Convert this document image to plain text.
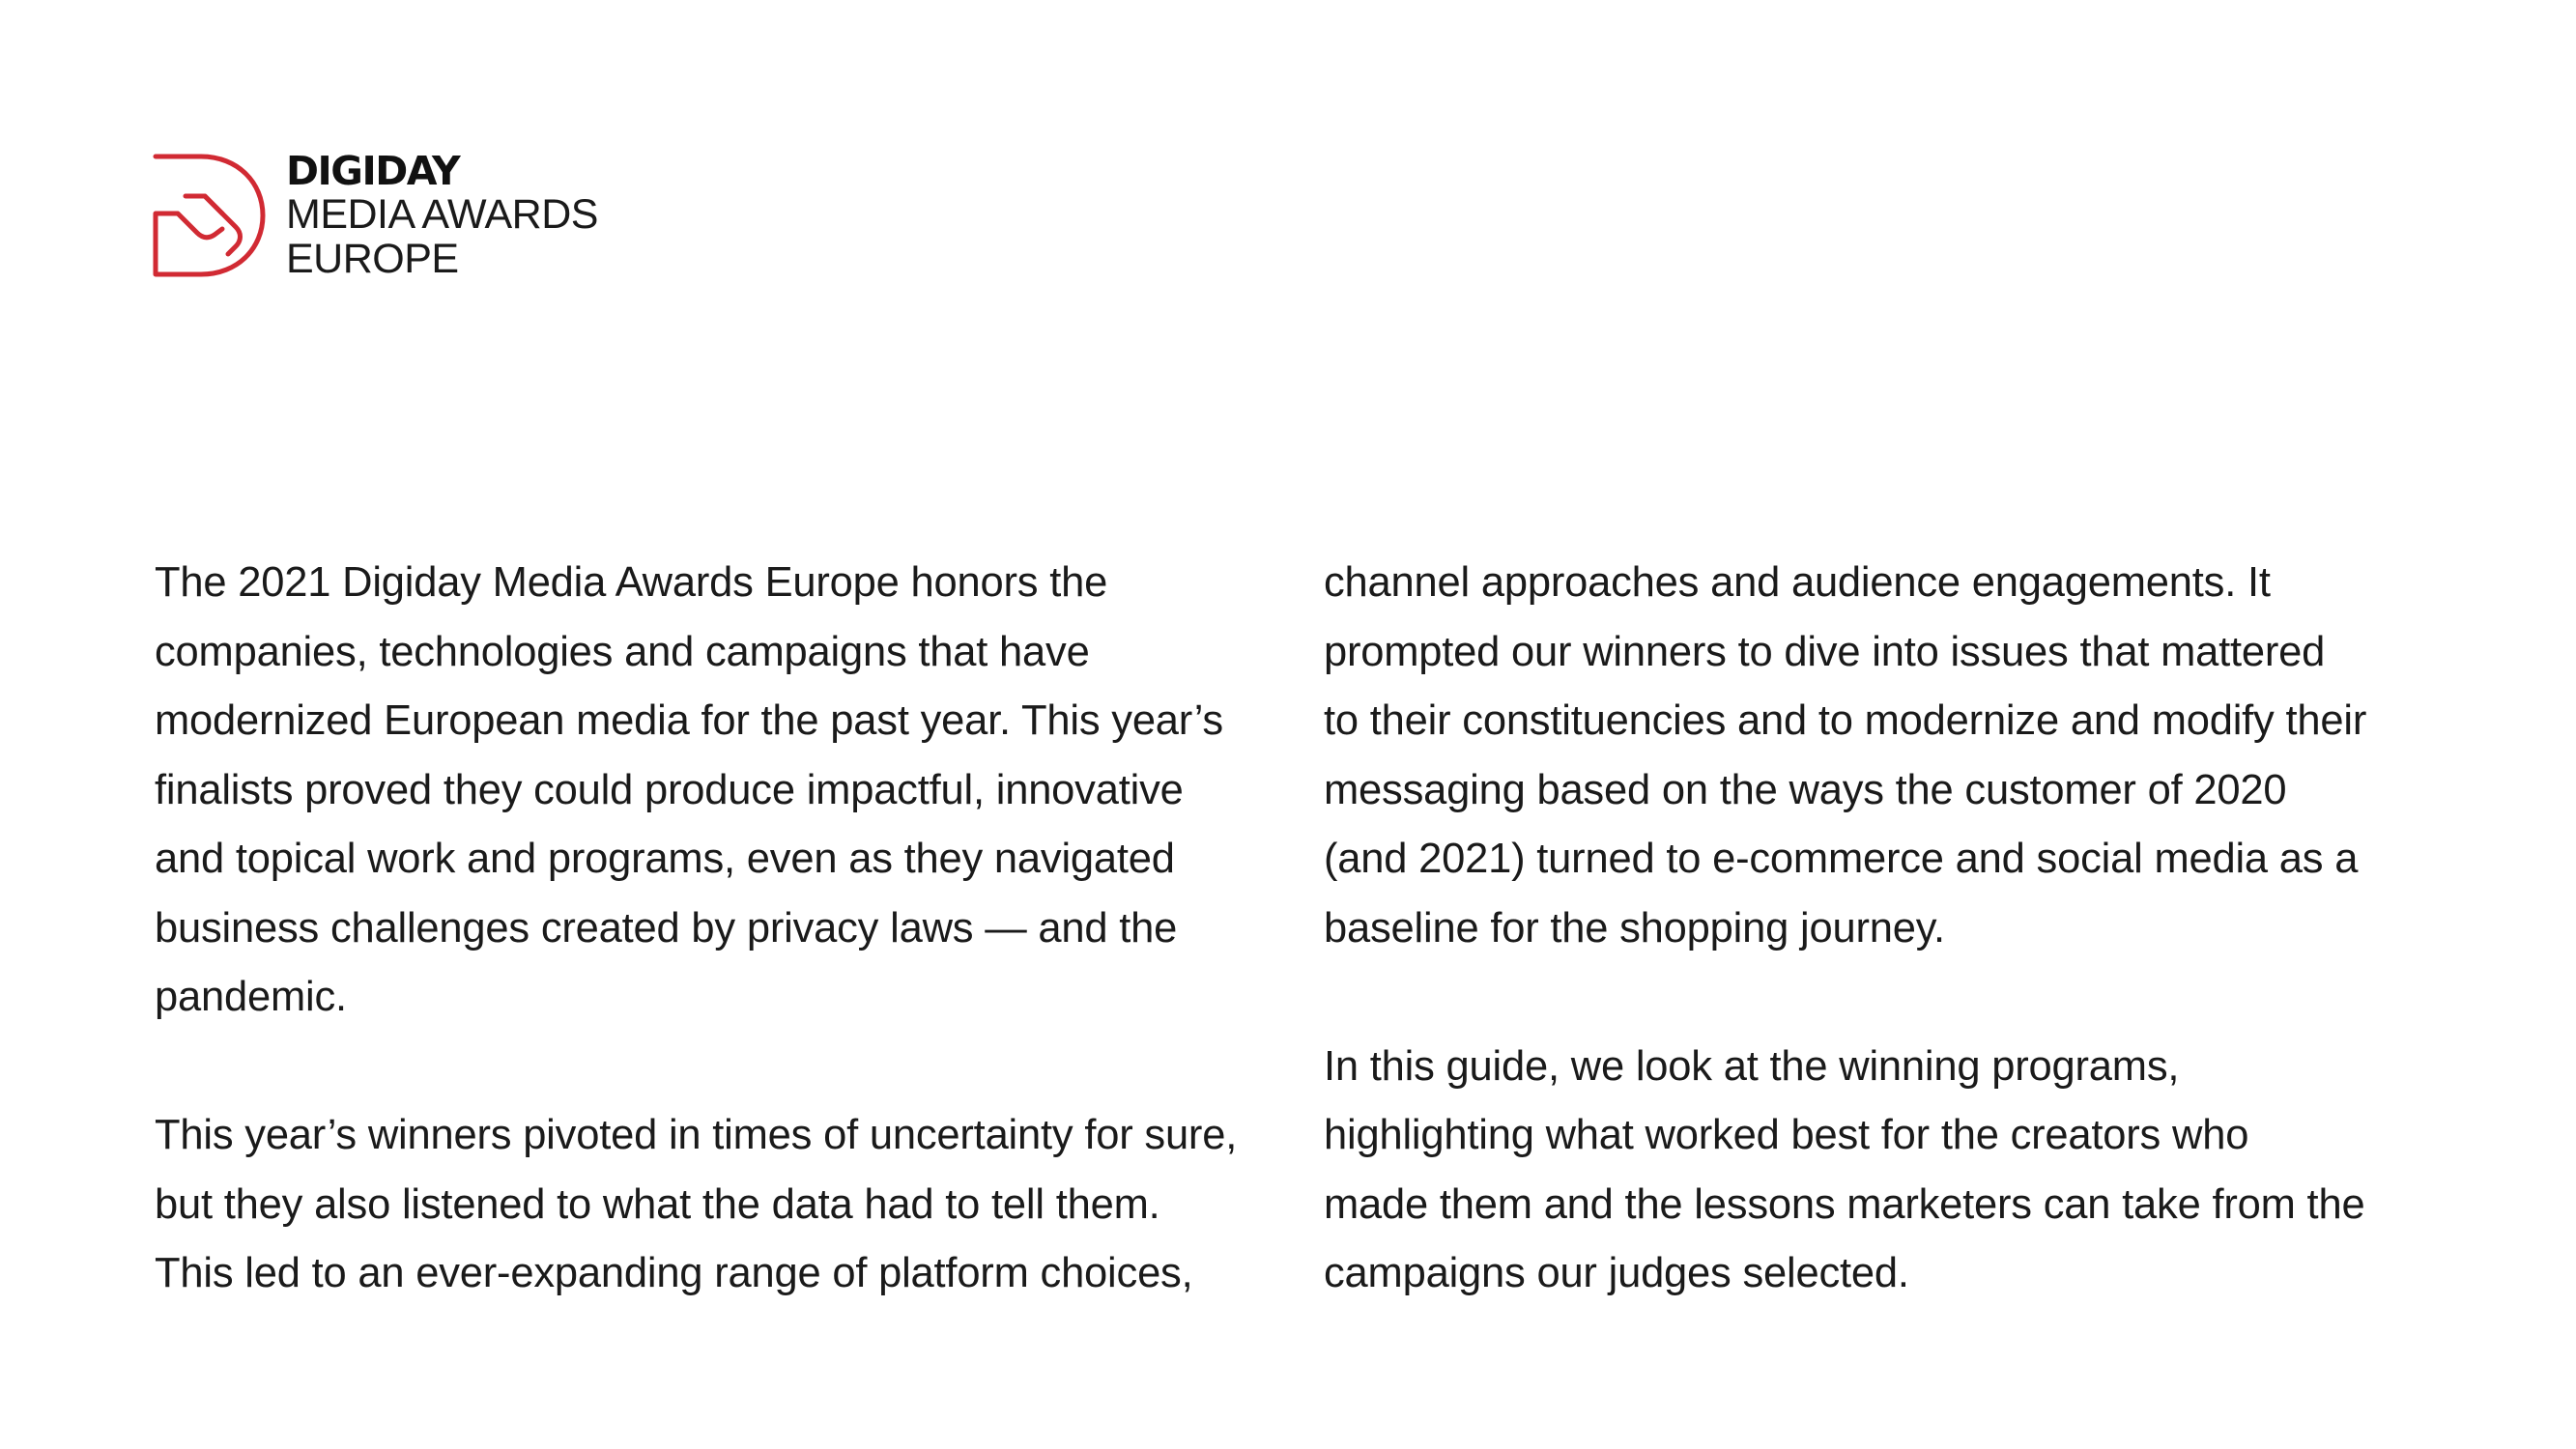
DIGIDAY
MEDIA AWARDS
EUROPE

The 2021 Digiday Media Awards Europe honors the
companies, technologies and campaigns that have
modernized European media for the past year. This year’s
finalists proved they could produce impactful, innovative
and topical work and programs, even as they navigated
business challenges created by privacy laws — and the
pandemic.

This year’s winners pivoted in times of uncertainty for sure,
but they also listened to what the data had to tell them.
This led to an ever-expanding range of platform choices,

channel approaches and audience engagements. It
prompted our winners to dive into issues that mattered
to their constituencies and to modernize and modify their
messaging based on the ways the customer of 2020
(and 2021) turned to e-commerce and social media as a
baseline for the shopping journey.

In this guide, we look at the winning programs,
highlighting what worked best for the creators who
made them and the lessons marketers can take from the
campaigns our judges selected.
